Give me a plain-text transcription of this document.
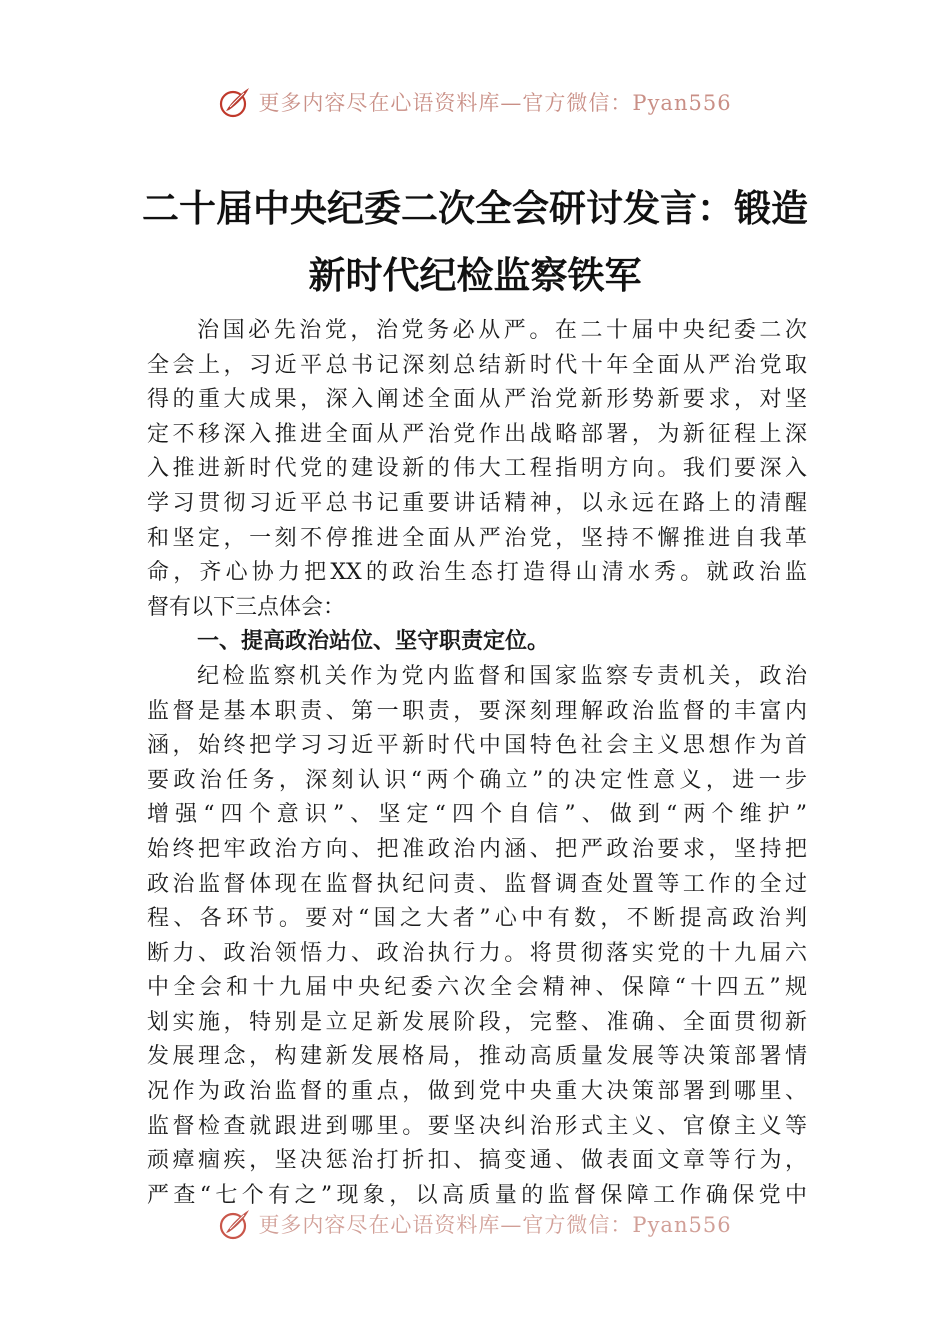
更多内容尽在心语资料库—官方微信：Pyan556
二十届中央纪委二次全会研讨发言：锻造
新时代纪检监察铁军
治国必先治党，治党务必从严。在二十届中央纪委二次
全会上，习近平总书记深刻总结新时代十年全面从严治党取
得的重大成果，深入阐述全面从严治党新形势新要求，对坚
定不移深入推进全面从严治党作出战略部署，为新征程上深
入推进新时代党的建设新的伟大工程指明方向。我们要深入
学习贯彻习近平总书记重要讲话精神，以永远在路上的清醒
和坚定，一刻不停推进全面从严治党，坚持不懈推进自我革
命，齐心协力把XX的政治生态打造得山清水秀。就政治监
督有以下三点体会：
一、提高政治站位、坚守职责定位。
纪检监察机关作为党内监督和国家监察专责机关，政治
监督是基本职责、第一职责，要深刻理解政治监督的丰富内
涵，始终把学习习近平新时代中国特色社会主义思想作为首
要政治任务，深刻认识“两个确立”的决定性意义，进一步
增强“四个意识”、坚定“四个自信”、做到“两个维护”
始终把牢政治方向、把准政治内涵、把严政治要求，坚持把
政治监督体现在监督执纪问责、监督调查处置等工作的全过
程、各环节。要对“国之大者”心中有数，不断提高政治判
断力、政治领悟力、政治执行力。将贯彻落实党的十九届六
中全会和十九届中央纪委六次全会精神、保障“十四五”规
划实施，特别是立足新发展阶段，完整、准确、全面贯彻新
发展理念，构建新发展格局，推动高质量发展等决策部署情
况作为政治监督的重点，做到党中央重大决策部署到哪里、
监督检查就跟进到哪里。要坚决纠治形式主义、官僚主义等
顽瘴痼疾，坚决惩治打折扣、搞变通、做表面文章等行为，
严查“七个有之”现象，以高质量的监督保障工作确保党中
更多内容尽在心语资料库—官方微信：Pyan556
